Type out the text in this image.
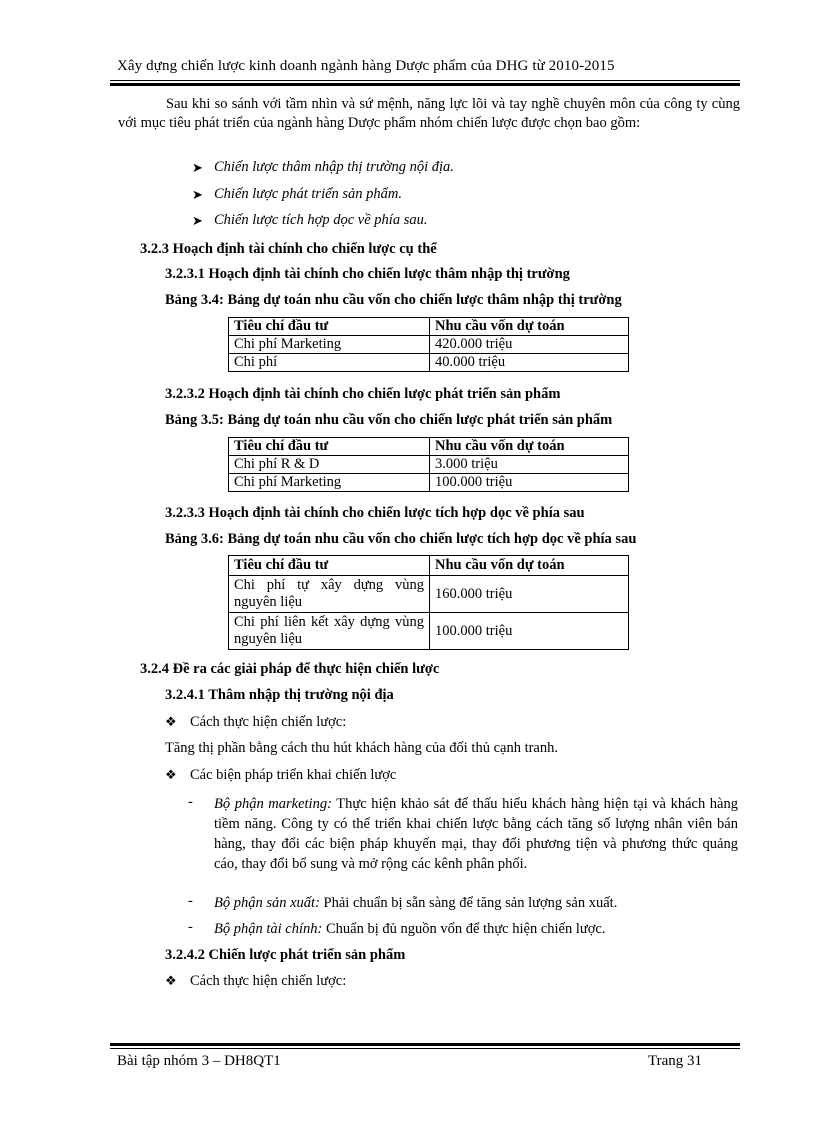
Xây dựng chiến lược kinh doanh ngành hàng Dược phẩm của DHG từ 2010-2015
Sau khi so sánh với tầm nhìn và sứ mệnh, năng lực lõi và tay nghề chuyên môn của công ty cùng với mục tiêu phát triển của ngành hàng Dược phẩm nhóm chiến lược được chọn bao gồm:
➤ Chiến lược thâm nhập thị trường nội địa.
➤ Chiến lược phát triển sản phẩm.
➤ Chiến lược tích hợp dọc về phía sau.
3.2.3 Hoạch định tài chính cho chiến lược cụ thể
3.2.3.1 Hoạch định tài chính cho chiến lược thâm nhập thị trường
Bảng 3.4: Bảng dự toán nhu cầu vốn cho chiến lược thâm nhập thị trường
Tiêu chí đầu tư	Nhu cầu vốn dự toán
Chi phí Marketing	420.000 triệu
Chi phí	40.000 triệu
3.2.3.2 Hoạch định tài chính cho chiến lược phát triển sản phẩm
Bảng 3.5: Bảng dự toán nhu cầu vốn cho chiến lược phát triển sản phẩm
Tiêu chí đầu tư	Nhu cầu vốn dự toán
Chi phí R & D	3.000 triệu
Chi phí Marketing	100.000 triệu
3.2.3.3 Hoạch định tài chính cho chiến lược tích hợp dọc về phía sau
Bảng 3.6: Bảng dự toán nhu cầu vốn cho chiến lược tích hợp dọc về phía sau
Tiêu chí đầu tư	Nhu cầu vốn dự toán
Chi phí tự xây dựng vùng nguyên liệu	160.000 triệu
Chi phí liên kết xây dựng vùng nguyên liệu	100.000 triệu
3.2.4 Đề ra các giải pháp để thực hiện chiến lược
3.2.4.1 Thâm nhập thị trường nội địa
❖ Cách thực hiện chiến lược:
Tăng thị phần bằng cách thu hút khách hàng của đối thủ cạnh tranh.
❖ Các biện pháp triển khai chiến lược
- Bộ phận marketing: Thực hiện khảo sát để thấu hiểu khách hàng hiện tại và khách hàng tiềm năng. Công ty có thể triển khai chiến lược bằng cách tăng số lượng nhân viên bán hàng, thay đổi các biện pháp khuyến mại, thay đổi phương tiện và phương thức quảng cáo, thay đổi bổ sung và mở rộng các kênh phân phối.
- Bộ phận sản xuất: Phải chuẩn bị sẵn sàng để tăng sản lượng sản xuất.
- Bộ phận tài chính: Chuẩn bị đủ nguồn vốn để thực hiện chiến lược.
3.2.4.2 Chiến lược phát triển sản phẩm
❖ Cách thực hiện chiến lược:
Bài tập nhóm 3 – DH8QT1	Trang 31
